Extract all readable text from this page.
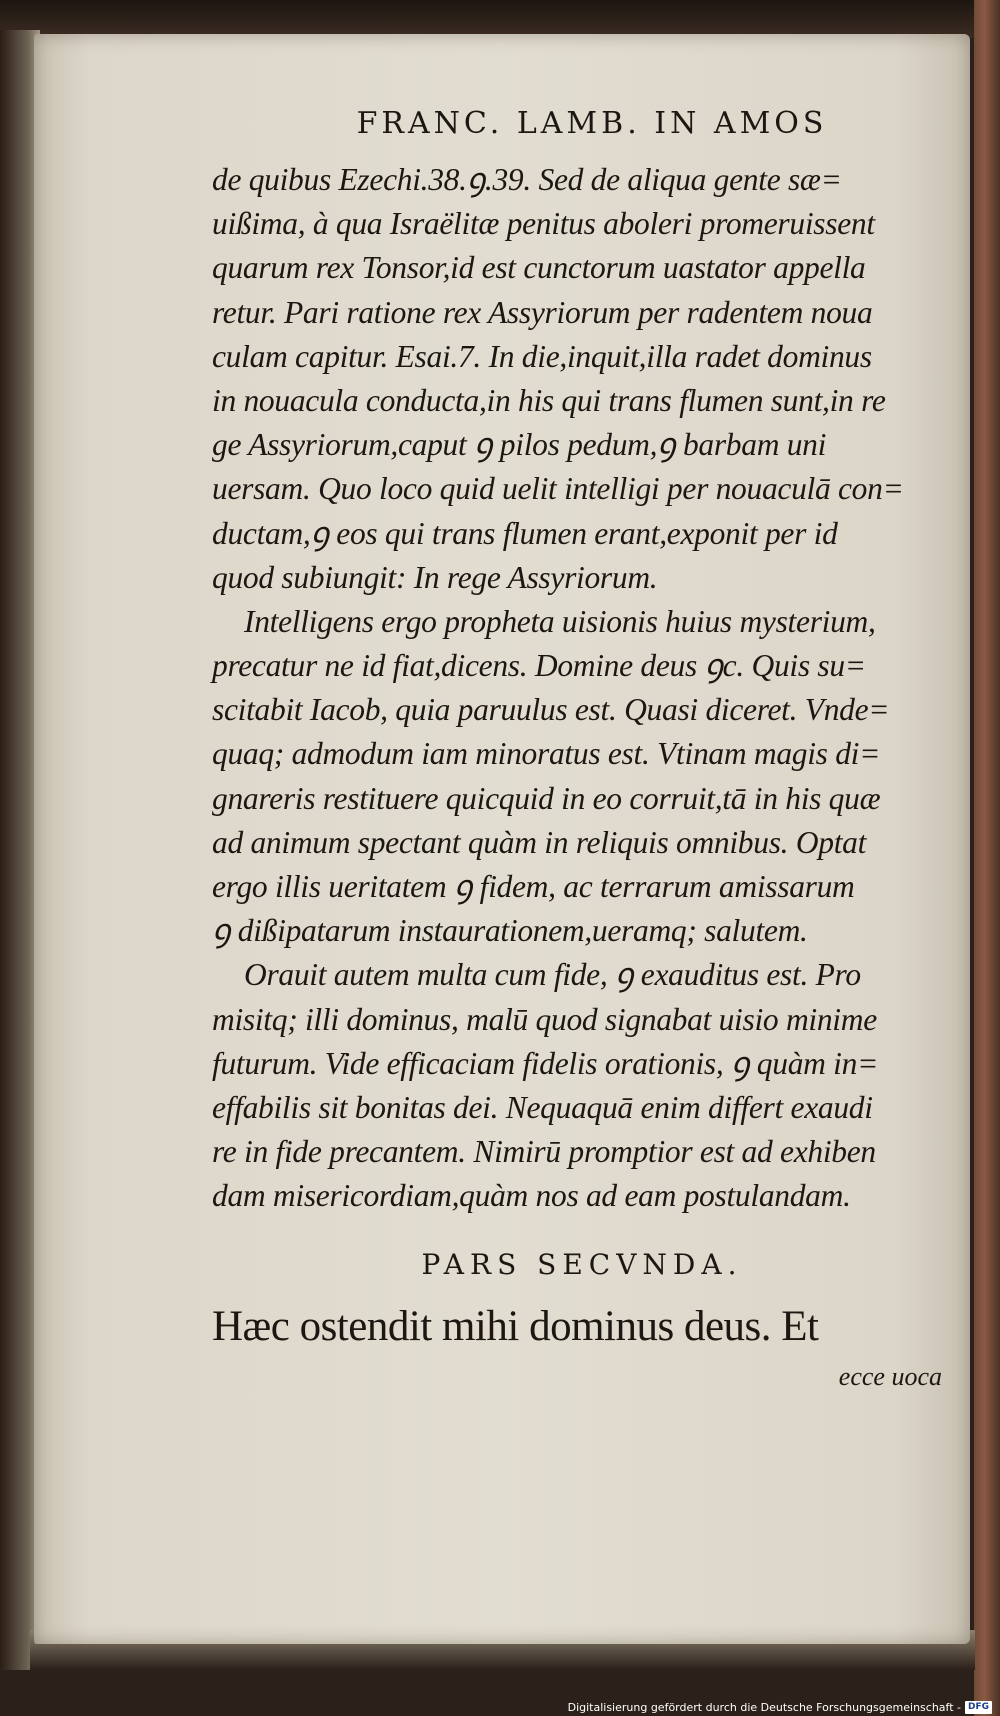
FRANC. LAMB. IN AMOS
de quibus Ezechi.38.ꝯ.39. Sed de aliqua gente sæ=
uißima, à qua Israëlitæ penitus aboleri promeruissent
quarum rex Tonsor,id est cunctorum uastator appella
retur. Pari ratione rex Assyriorum per radentem noua
culam capitur. Esai.7. In die,inquit,illa radet dominus
in nouacula conducta,in his qui trans flumen sunt,in re
ge Assyriorum,caput ꝯ pilos pedum,ꝯ barbam uni
uersam. Quo loco quid uelit intelligi per nouaculā con=
ductam,ꝯ eos qui trans flumen erant,exponit per id
quod subiungit: In rege Assyriorum.
Intelligens ergo propheta uisionis huius mysterium,
precatur ne id fiat,dicens. Domine deus ꝯc. Quis su=
scitabit Iacob, quia paruulus est. Quasi diceret. Vnde=
quaq; admodum iam minoratus est. Vtinam magis di=
gnareris restituere quicquid in eo corruit,tā in his quæ
ad animum spectant quàm in reliquis omnibus. Optat
ergo illis ueritatem ꝯ fidem, ac terrarum amissarum
ꝯ dißipatarum instaurationem,ueramq; salutem.
Orauit autem multa cum fide, ꝯ exauditus est. Pro
misitq; illi dominus, malū quod signabat uisio minime
futurum. Vide efficaciam fidelis orationis, ꝯ quàm in=
effabilis sit bonitas dei. Nequaquā enim differt exaudi
re in fide precantem. Nimirū promptior est ad exhiben
dam misericordiam,quàm nos ad eam postulandam.
PARS SECVNDA.
Hæc ostendit mihi dominus deus. Et
ecce uoca
Digitalisierung gefördert durch die Deutsche Forschungsgemeinschaft - DFG
